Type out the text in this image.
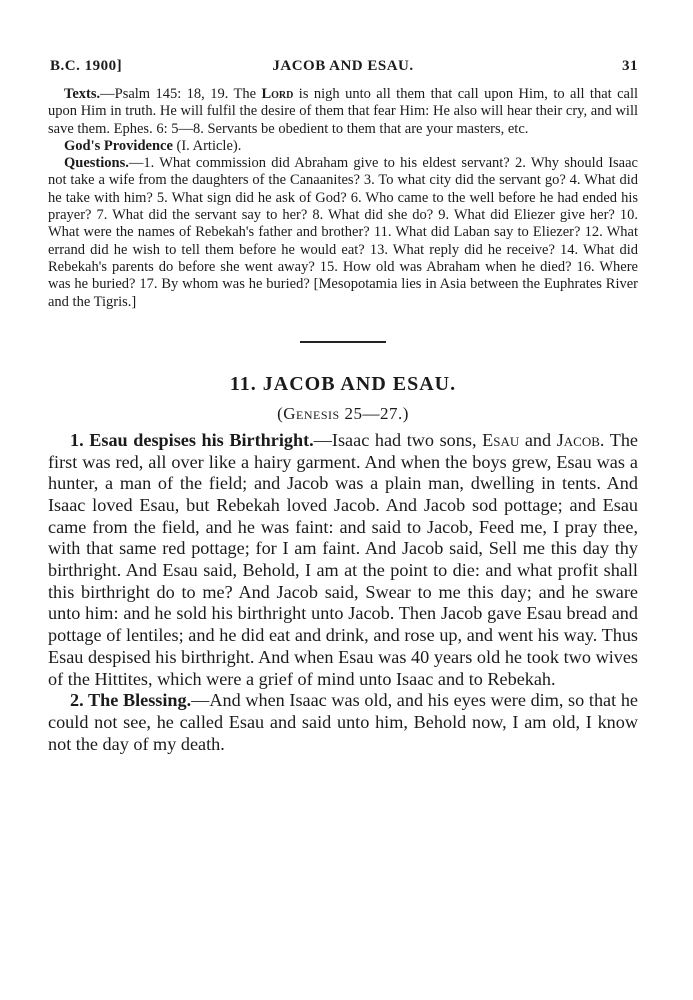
B.C. 1900]	JACOB AND ESAU.	31

Texts.—Psalm 145: 18, 19. The Lord is nigh unto all them that call upon Him, to all that call upon Him in truth. He will fulfil the desire of them that fear Him: He also will hear their cry, and will save them. Ephes. 6: 5—8. Servants be obedient to them that are your masters, etc.

God's Providence (I. Article).

Questions.—1. What commission did Abraham give to his eldest servant? 2. Why should Isaac not take a wife from the daughters of the Canaanites? 3. To what city did the servant go? 4. What did he take with him? 5. What sign did he ask of God? 6. Who came to the well before he had ended his prayer? 7. What did the servant say to her? 8. What did she do? 9. What did Eliezer give her? 10. What were the names of Rebekah's father and brother? 11. What did Laban say to Eliezer? 12. What errand did he wish to tell them before he would eat? 13. What reply did he receive? 14. What did Rebekah's parents do before she went away? 15. How old was Abraham when he died? 16. Where was he buried? 17. By whom was he buried? [Mesopotamia lies in Asia between the Euphrates River and the Tigris.]

11. JACOB AND ESAU.
(Genesis 25—27.)

1. Esau despises his Birthright.—Isaac had two sons, Esau and Jacob. The first was red, all over like a hairy garment. And when the boys grew, Esau was a hunter, a man of the field; and Jacob was a plain man, dwelling in tents. And Isaac loved Esau, but Rebekah loved Jacob. And Jacob sod pottage; and Esau came from the field, and he was faint: and said to Jacob, Feed me, I pray thee, with that same red pottage; for I am faint. And Jacob said, Sell me this day thy birthright. And Esau said, Behold, I am at the point to die: and what profit shall this birthright do to me? And Jacob said, Swear to me this day; and he sware unto him: and he sold his birthright unto Jacob. Then Jacob gave Esau bread and pottage of lentiles; and he did eat and drink, and rose up, and went his way. Thus Esau despised his birthright. And when Esau was 40 years old he took two wives of the Hittites, which were a grief of mind unto Isaac and to Rebekah.

2. The Blessing.—And when Isaac was old, and his eyes were dim, so that he could not see, he called Esau and said unto him, Behold now, I am old, I know not the day of my death.
